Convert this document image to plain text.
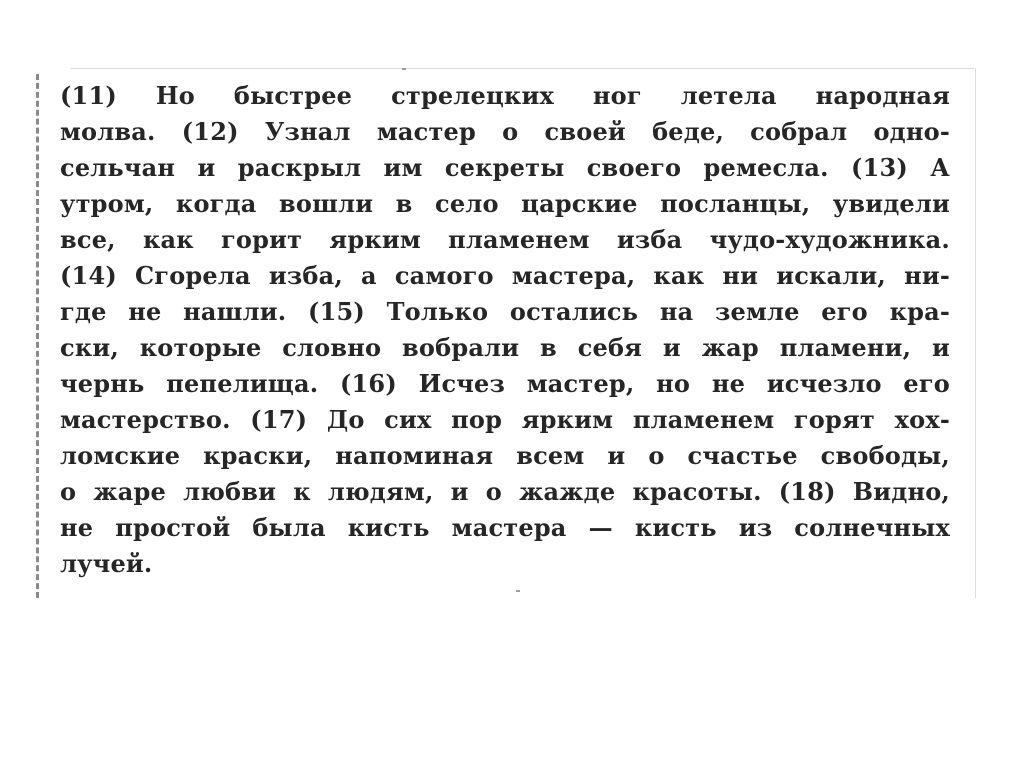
(11) Но быстрее стрелецких ног летела народная
молва. (12) Узнал мастер о своей беде, собрал одно-
сельчан и раскрыл им секреты своего ремесла. (13) А
утром, когда вошли в село царские посланцы, увидели
все, как горит ярким пламенем изба чудо-художника.
(14) Сгорела изба, а самого мастера, как ни искали, ни-
где не нашли. (15) Только остались на земле его кра-
ски, которые словно вобрали в себя и жар пламени, и
чернь пепелища. (16) Исчез мастер, но не исчезло его
мастерство. (17) До сих пор ярким пламенем горят хох-
ломские краски, напоминая всем и о счастье свободы,
о жаре любви к людям, и о жажде красоты. (18) Видно,
не простой была кисть мастера — кисть из солнечных
лучей.
